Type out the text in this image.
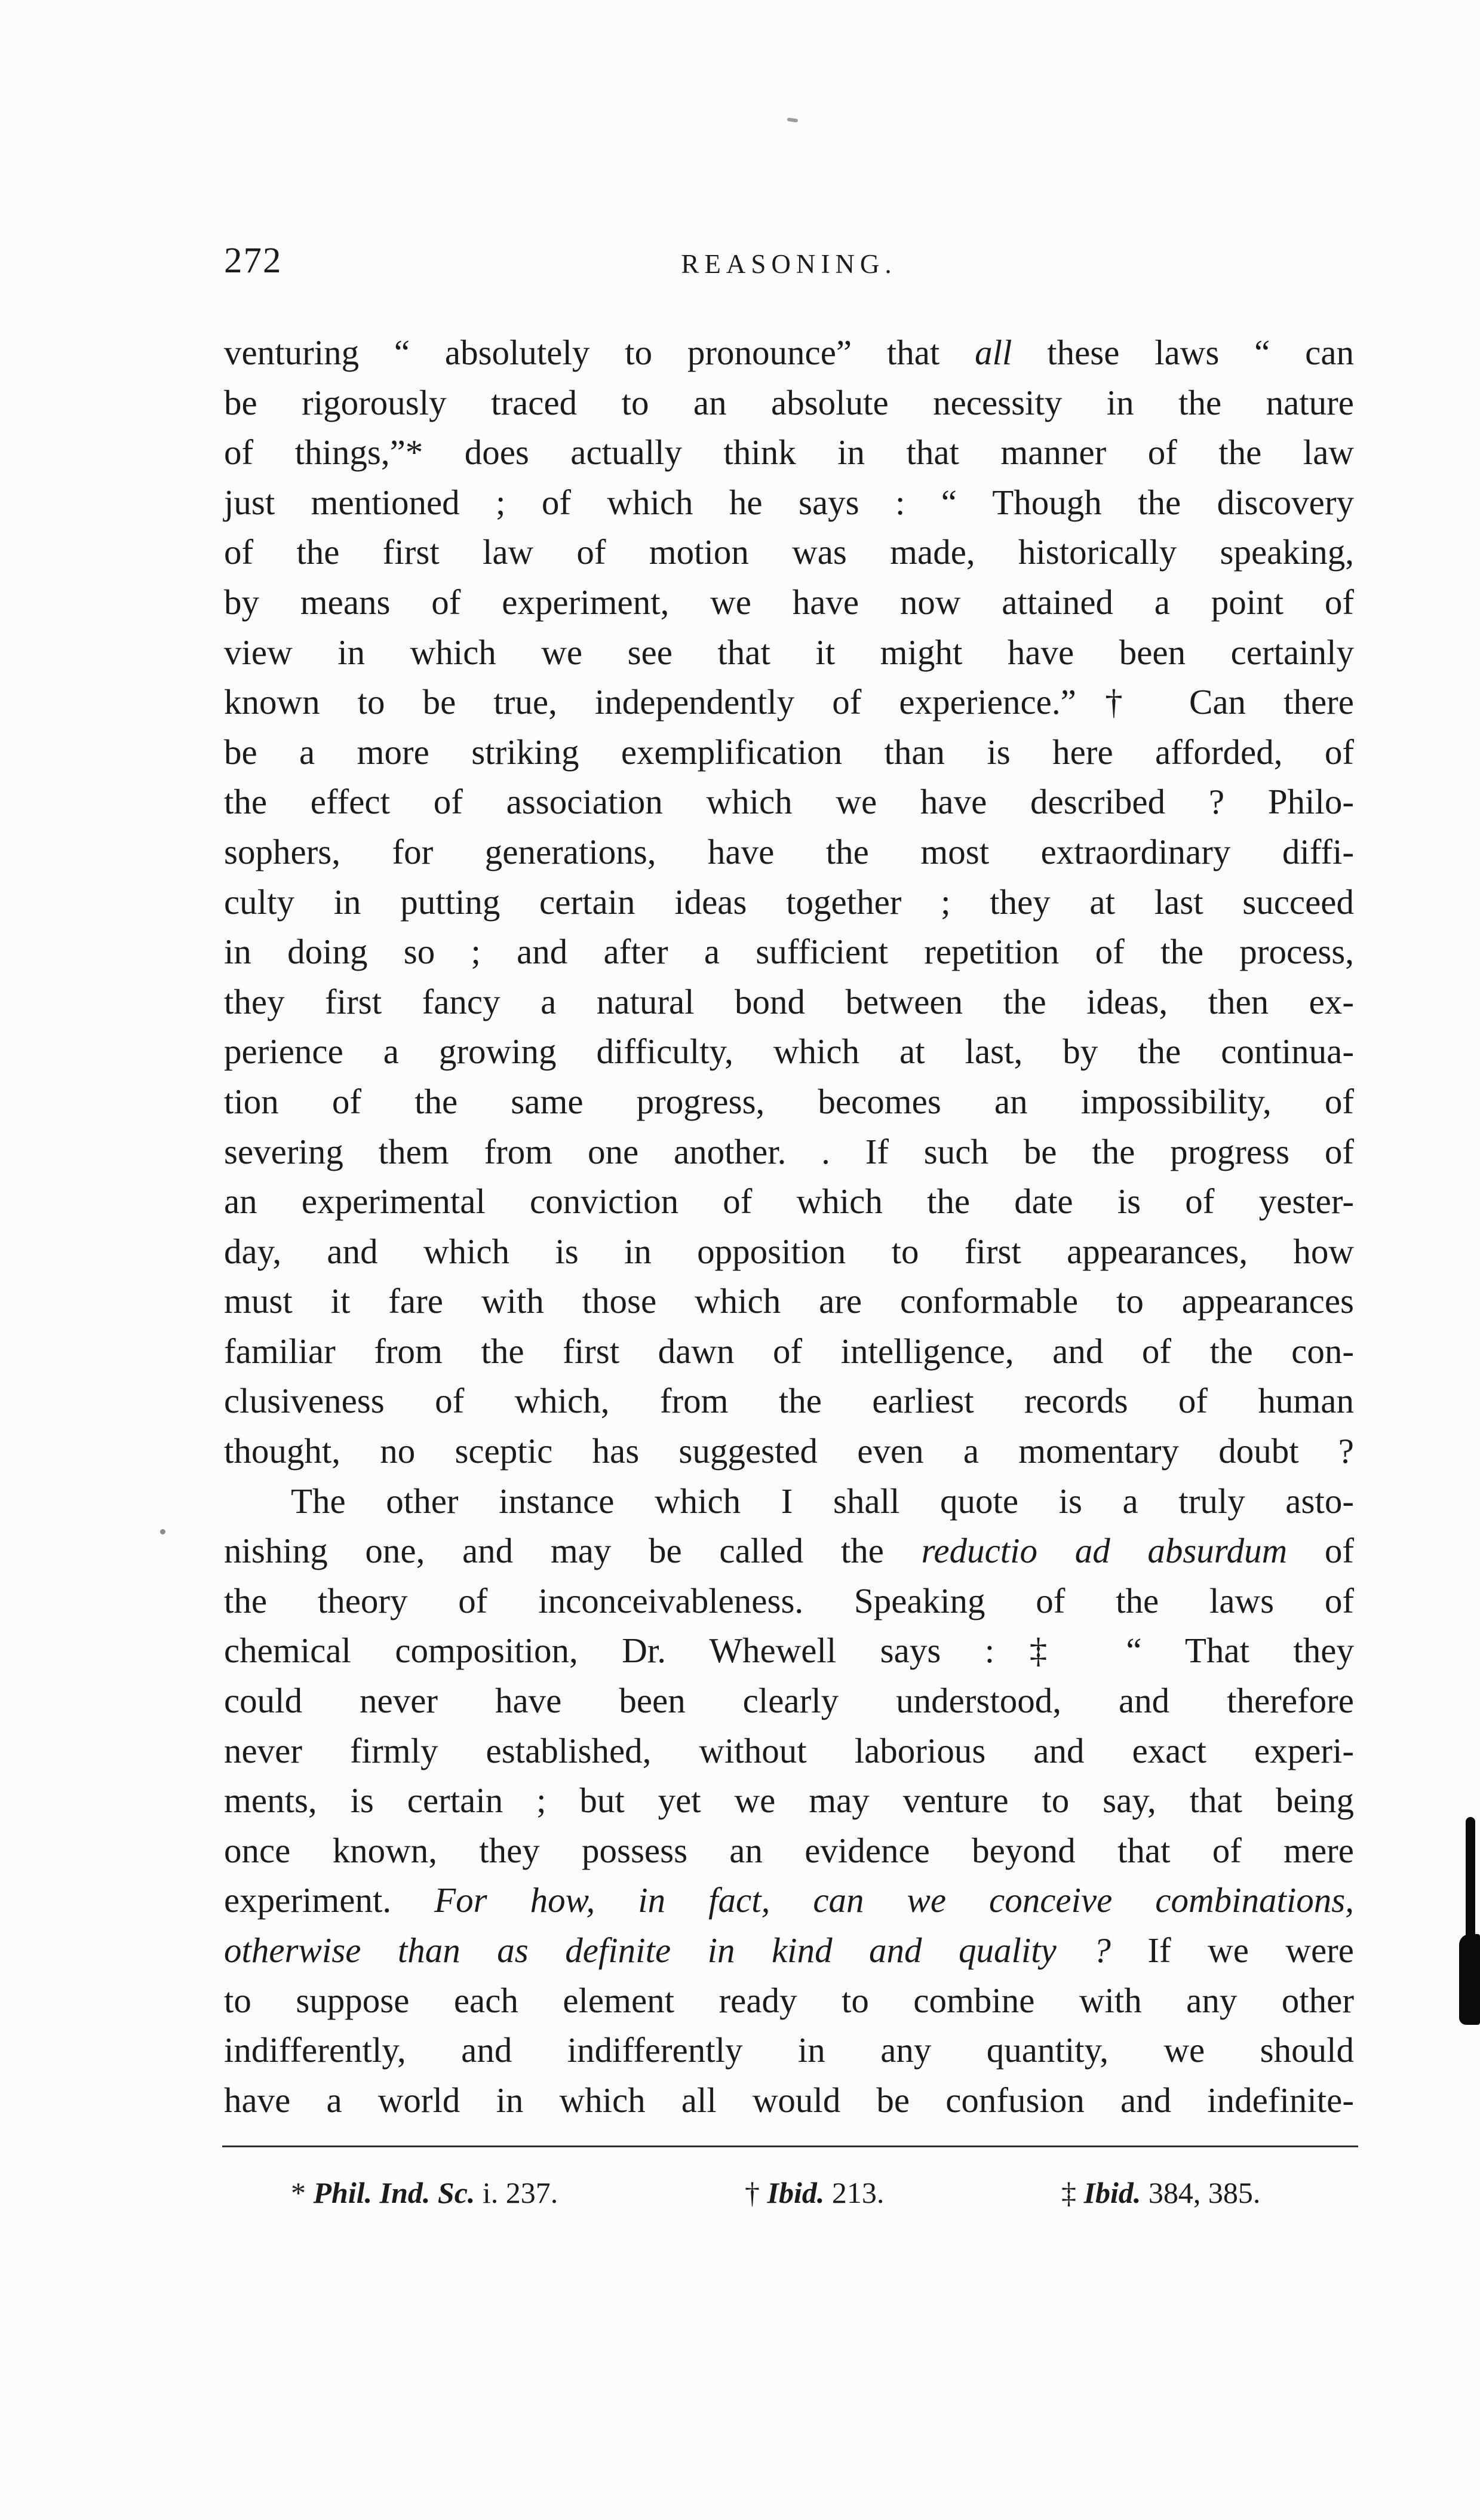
272	REASONING.
venturing “ absolutely to pronounce” that all these laws “ can
be rigorously traced to an absolute necessity in the nature
of things,”* does actually think in that manner of the law
just mentioned ; of which he says : “ Though the discovery
of the first law of motion was made, historically speaking,
by means of experiment, we have now attained a point of
view in which we see that it might have been certainly
known to be true, independently of experience.”† Can there
be a more striking exemplification than is here afforded, of
the effect of association which we have described ? Philo-
sophers, for generations, have the most extraordinary diffi-
culty in putting certain ideas together ; they at last succeed
in doing so ; and after a sufficient repetition of the process,
they first fancy a natural bond between the ideas, then ex-
perience a growing difficulty, which at last, by the continua-
tion of the same progress, becomes an impossibility, of
severing them from one another. . If such be the progress of
an experimental conviction of which the date is of yester-
day, and which is in opposition to first appearances, how
must it fare with those which are conformable to appearances
familiar from the first dawn of intelligence, and of the con-
clusiveness of which, from the earliest records of human
thought, no sceptic has suggested even a momentary doubt ?
The other instance which I shall quote is a truly asto-
nishing one, and may be called the reductio ad absurdum of
the theory of inconceivableness. Speaking of the laws of
chemical composition, Dr. Whewell says :‡ “ That they
could never have been clearly understood, and therefore
never firmly established, without laborious and exact experi-
ments, is certain ; but yet we may venture to say, that being
once known, they possess an evidence beyond that of mere
experiment. For how, in fact, can we conceive combinations,
otherwise than as definite in kind and quality ? If we were
to suppose each element ready to combine with any other
indifferently, and indifferently in any quantity, we should
have a world in which all would be confusion and indefinite-
* Phil. Ind. Sc. i. 237.	† Ibid. 213.	‡ Ibid. 384, 385.
